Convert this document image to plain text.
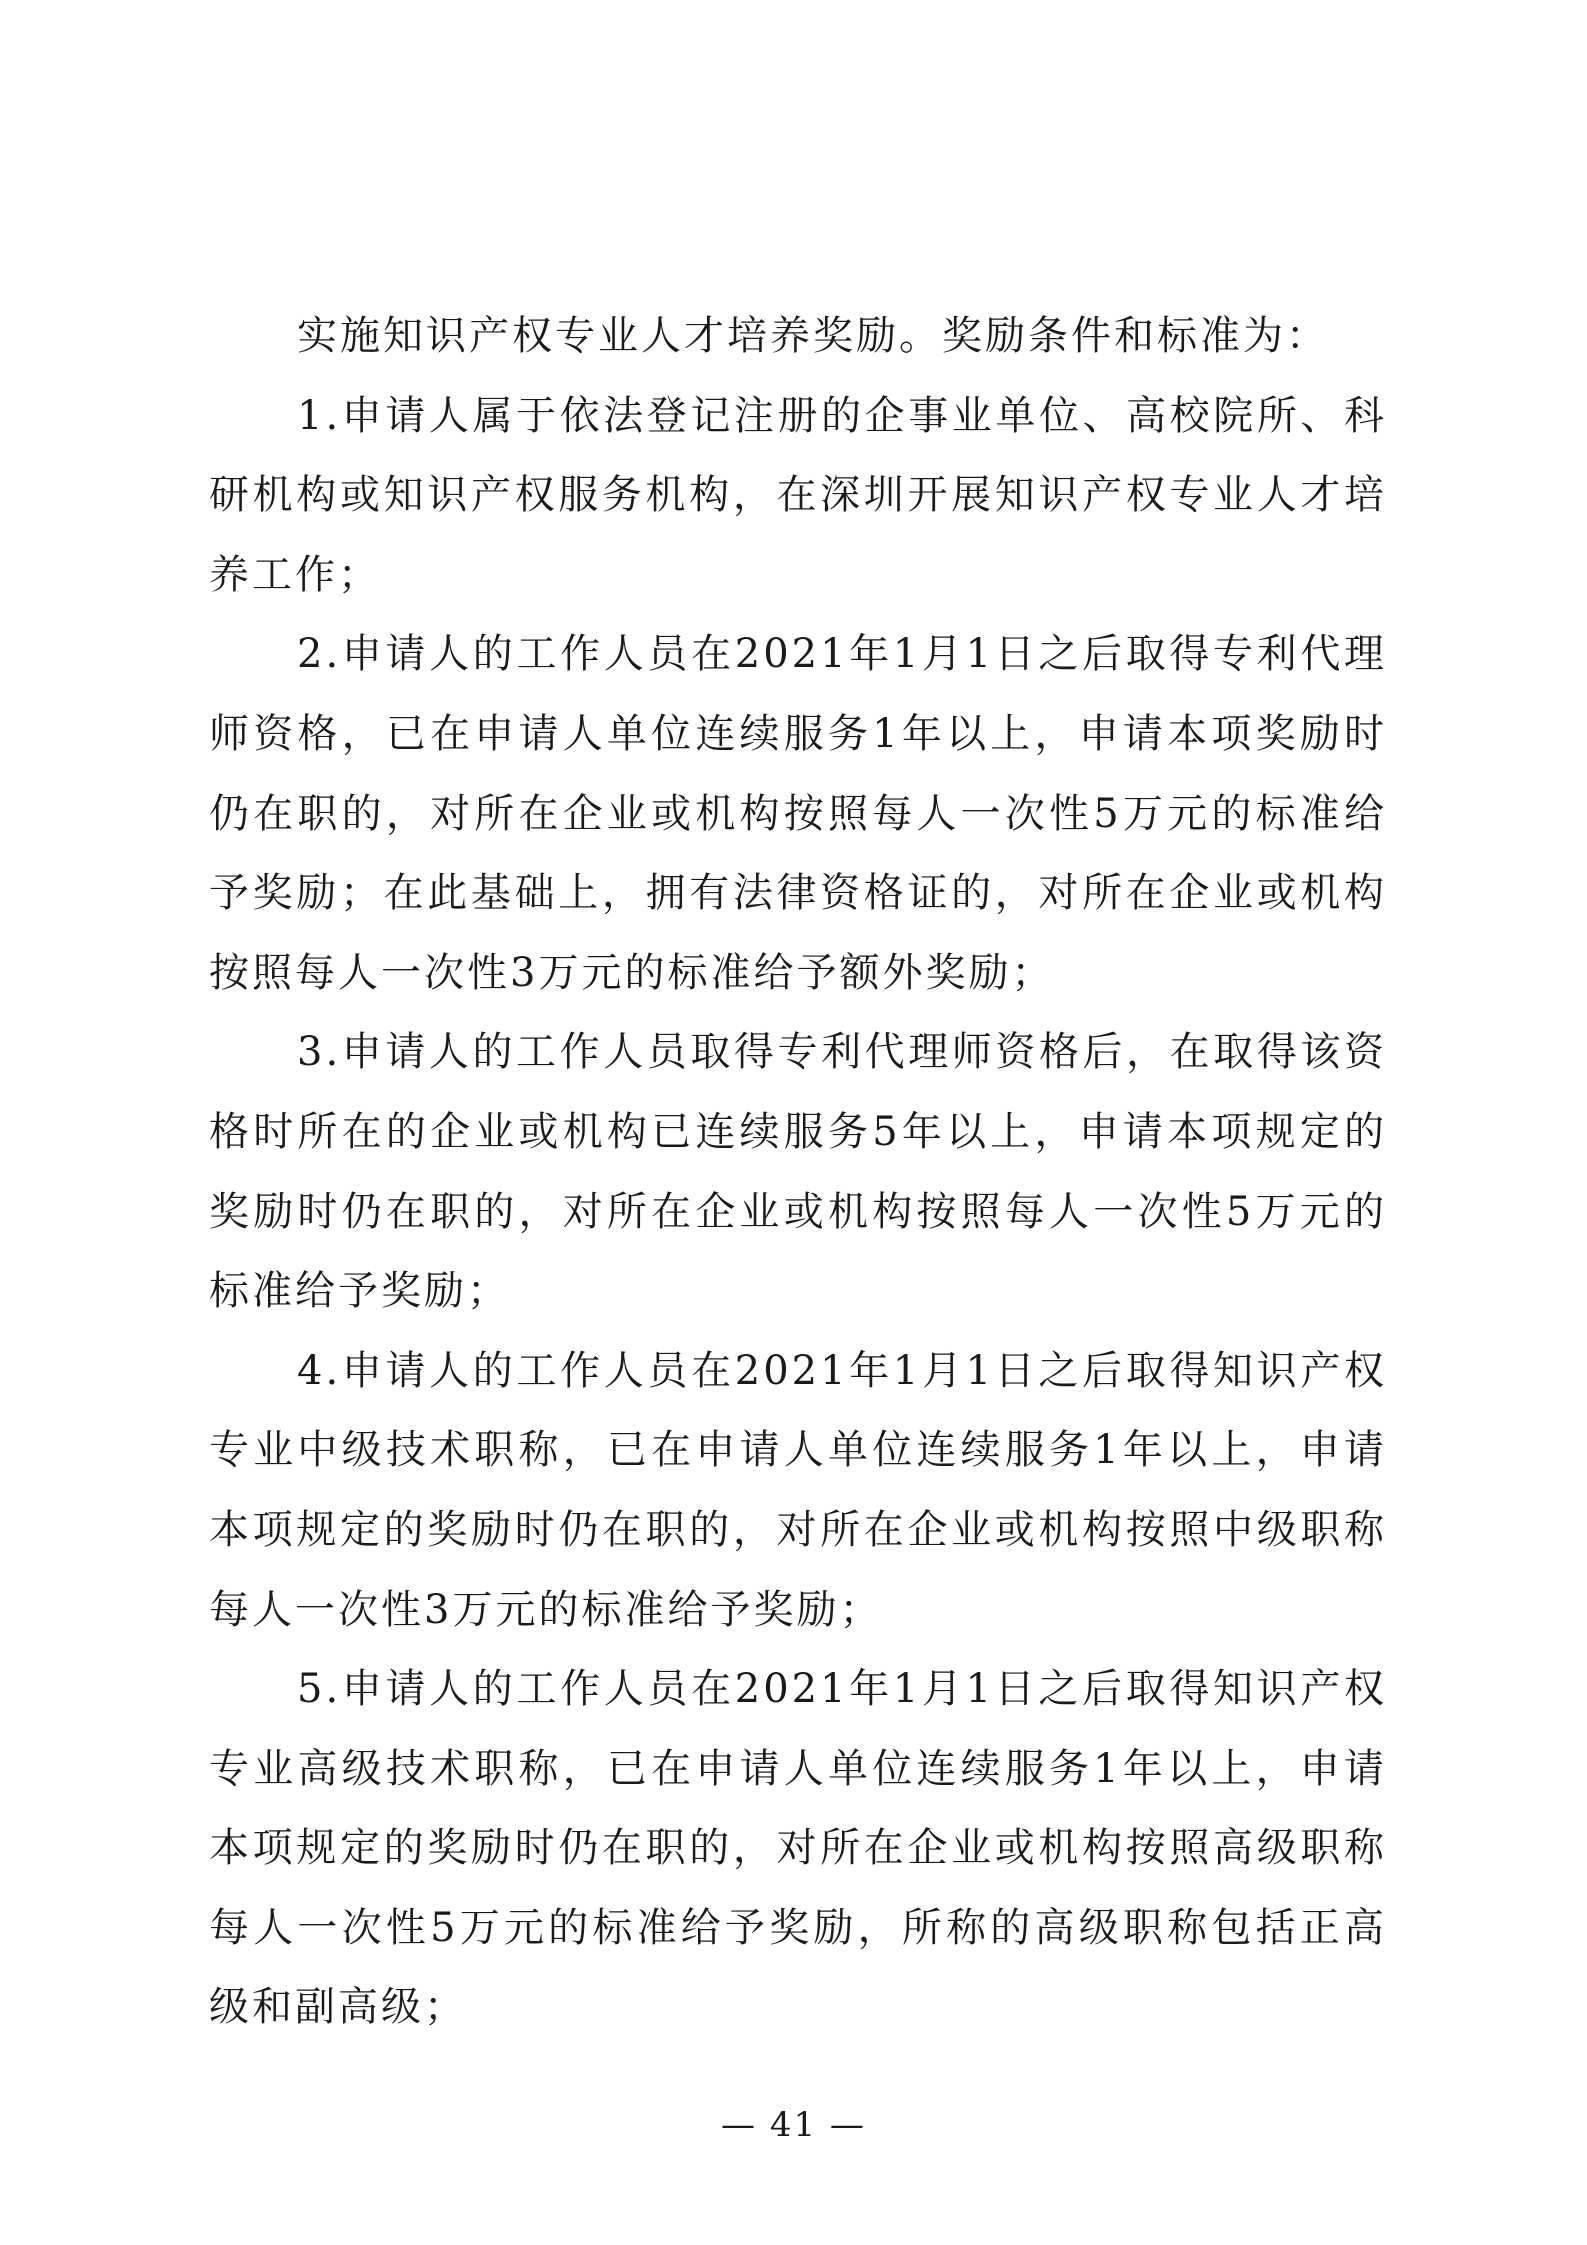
实施知识产权专业人才培养奖励。奖励条件和标准为：

1.申请人属于依法登记注册的企事业单位、高校院所、科研机构或知识产权服务机构，在深圳开展知识产权专业人才培养工作；

2.申请人的工作人员在2021年1月1日之后取得专利代理师资格，已在申请人单位连续服务1年以上，申请本项奖励时仍在职的，对所在企业或机构按照每人一次性5万元的标准给予奖励；在此基础上，拥有法律资格证的，对所在企业或机构按照每人一次性3万元的标准给予额外奖励；

3.申请人的工作人员取得专利代理师资格后，在取得该资格时所在的企业或机构已连续服务5年以上，申请本项规定的奖励时仍在职的，对所在企业或机构按照每人一次性5万元的标准给予奖励；

4.申请人的工作人员在2021年1月1日之后取得知识产权专业中级技术职称，已在申请人单位连续服务1年以上，申请本项规定的奖励时仍在职的，对所在企业或机构按照中级职称每人一次性3万元的标准给予奖励；

5.申请人的工作人员在2021年1月1日之后取得知识产权专业高级技术职称，已在申请人单位连续服务1年以上，申请本项规定的奖励时仍在职的，对所在企业或机构按照高级职称每人一次性5万元的标准给予奖励，所称的高级职称包括正高级和副高级；

— 41 —
